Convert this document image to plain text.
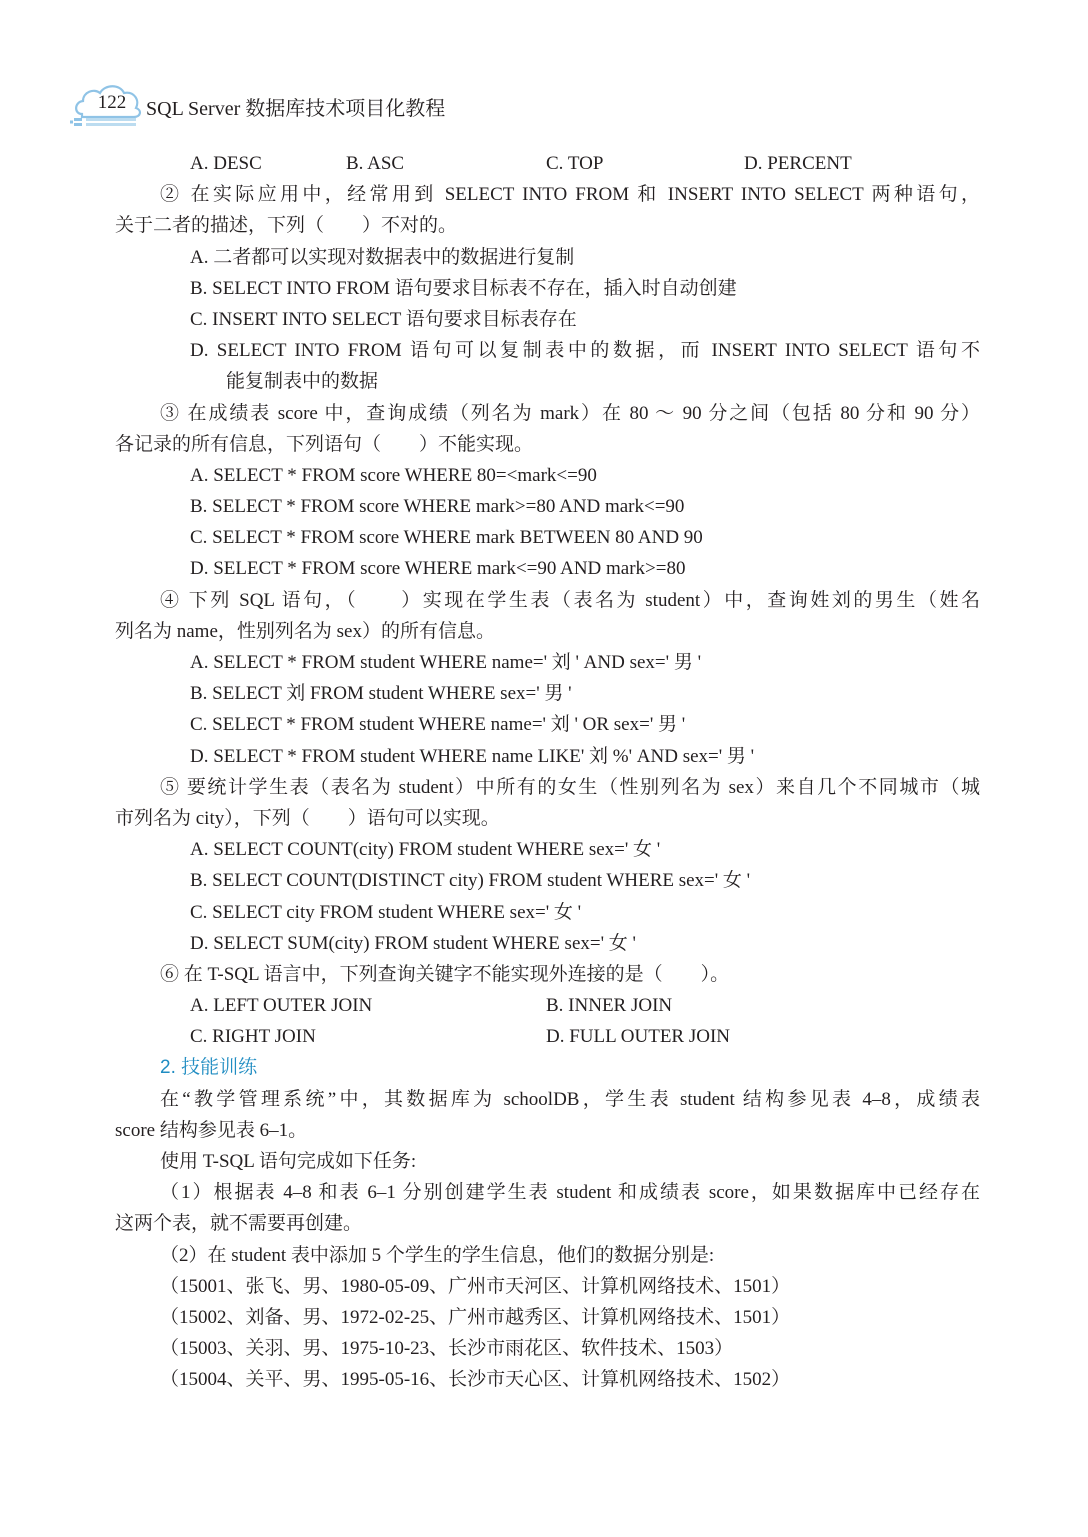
122 SQL Server 数据库技术项目化教程
A. DESC	B. ASC	C. TOP	D. PERCENT
② 在实际应用中，经常用到 SELECT INTO FROM 和 INSERT INTO SELECT 两种语句，
关于二者的描述，下列（　　）不对的。
A. 二者都可以实现对数据表中的数据进行复制
B. SELECT INTO FROM 语句要求目标表不存在，插入时自动创建
C. INSERT INTO SELECT 语句要求目标表存在
D. SELECT INTO FROM 语句可以复制表中的数据，而 INSERT INTO SELECT 语句不
能复制表中的数据
③ 在成绩表 score 中，查询成绩（列名为 mark）在 80 ～ 90 分之间（包括 80 分和 90 分）
各记录的所有信息，下列语句（　　）不能实现。
A. SELECT * FROM score WHERE 80=<mark<=90
B. SELECT * FROM score WHERE mark>=80 AND mark<=90
C. SELECT * FROM score WHERE mark BETWEEN 80 AND 90
D. SELECT * FROM score WHERE mark<=90 AND mark>=80
④ 下列 SQL 语句，（　　）实现在学生表（表名为 student）中，查询姓刘的男生（姓名
列名为 name，性别列名为 sex）的所有信息。
A. SELECT * FROM student WHERE name=' 刘 ' AND sex=' 男 '
B. SELECT 刘 FROM student WHERE sex=' 男 '
C. SELECT * FROM student WHERE name=' 刘 ' OR sex=' 男 '
D. SELECT * FROM student WHERE name LIKE' 刘 %' AND sex=' 男 '
⑤ 要统计学生表（表名为 student）中所有的女生（性别列名为 sex）来自几个不同城市（城
市列名为 city），下列（　　）语句可以实现。
A. SELECT COUNT(city) FROM student WHERE sex=' 女 '
B. SELECT COUNT(DISTINCT city) FROM student WHERE sex=' 女 '
C. SELECT city FROM student WHERE sex=' 女 '
D. SELECT SUM(city) FROM student WHERE sex=' 女 '
⑥ 在 T-SQL 语言中，下列查询关键字不能实现外连接的是（　　）。
A. LEFT OUTER JOIN	B. INNER JOIN
C. RIGHT JOIN	D. FULL OUTER JOIN
2. 技能训练
在“教学管理系统”中，其数据库为 schoolDB，学生表 student 结构参见表 4–8，成绩表
score 结构参见表 6–1。
使用 T-SQL 语句完成如下任务:
（1）根据表 4–8 和表 6–1 分别创建学生表 student 和成绩表 score，如果数据库中已经存在
这两个表，就不需要再创建。
（2）在 student 表中添加 5 个学生的学生信息，他们的数据分别是:
（15001、张飞、男、1980-05-09、广州市天河区、计算机网络技术、1501）
（15002、刘备、男、1972-02-25、广州市越秀区、计算机网络技术、1501）
（15003、关羽、男、1975-10-23、长沙市雨花区、软件技术、1503）
（15004、关平、男、1995-05-16、长沙市天心区、计算机网络技术、1502）
